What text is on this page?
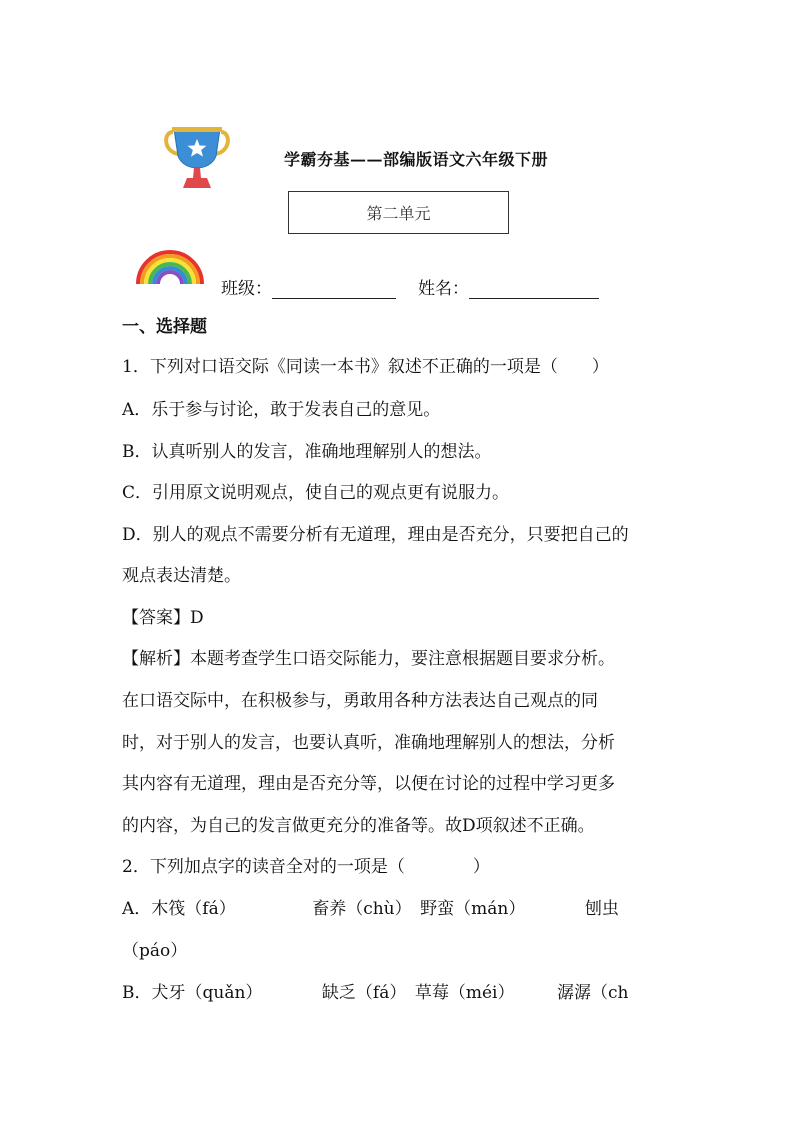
学霸夯基——部编版语文六年级下册
第二单元
班级：	姓名：
一、选择题
1．下列对口语交际《同读一本书》叙述不正确的一项是（　　）
A．乐于参与讨论，敢于发表自己的意见。
B．认真听别人的发言，准确地理解别人的想法。
C．引用原文说明观点，使自己的观点更有说服力。
D．别人的观点不需要分析有无道理，理由是否充分，只要把自己的
观点表达清楚。
【答案】D
【解析】本题考查学生口语交际能力，要注意根据题目要求分析。
在口语交际中，在积极参与，勇敢用各种方法表达自己观点的同
时，对于别人的发言，也要认真听，准确地理解别人的想法，分析
其内容有无道理，理由是否充分等，以便在讨论的过程中学习更多
的内容，为自己的发言做更充分的准备等。故D项叙述不正确。
2．下列加点字的读音全对的一项是（　　　　）
A．木筏（fá）　　　　　畜养（chù）　野蛮（mán）　　　　刨虫
（páo）
B．犬牙（quǎn）　　　　缺乏（fá）　草莓（méi）　　　潺潺（ch
